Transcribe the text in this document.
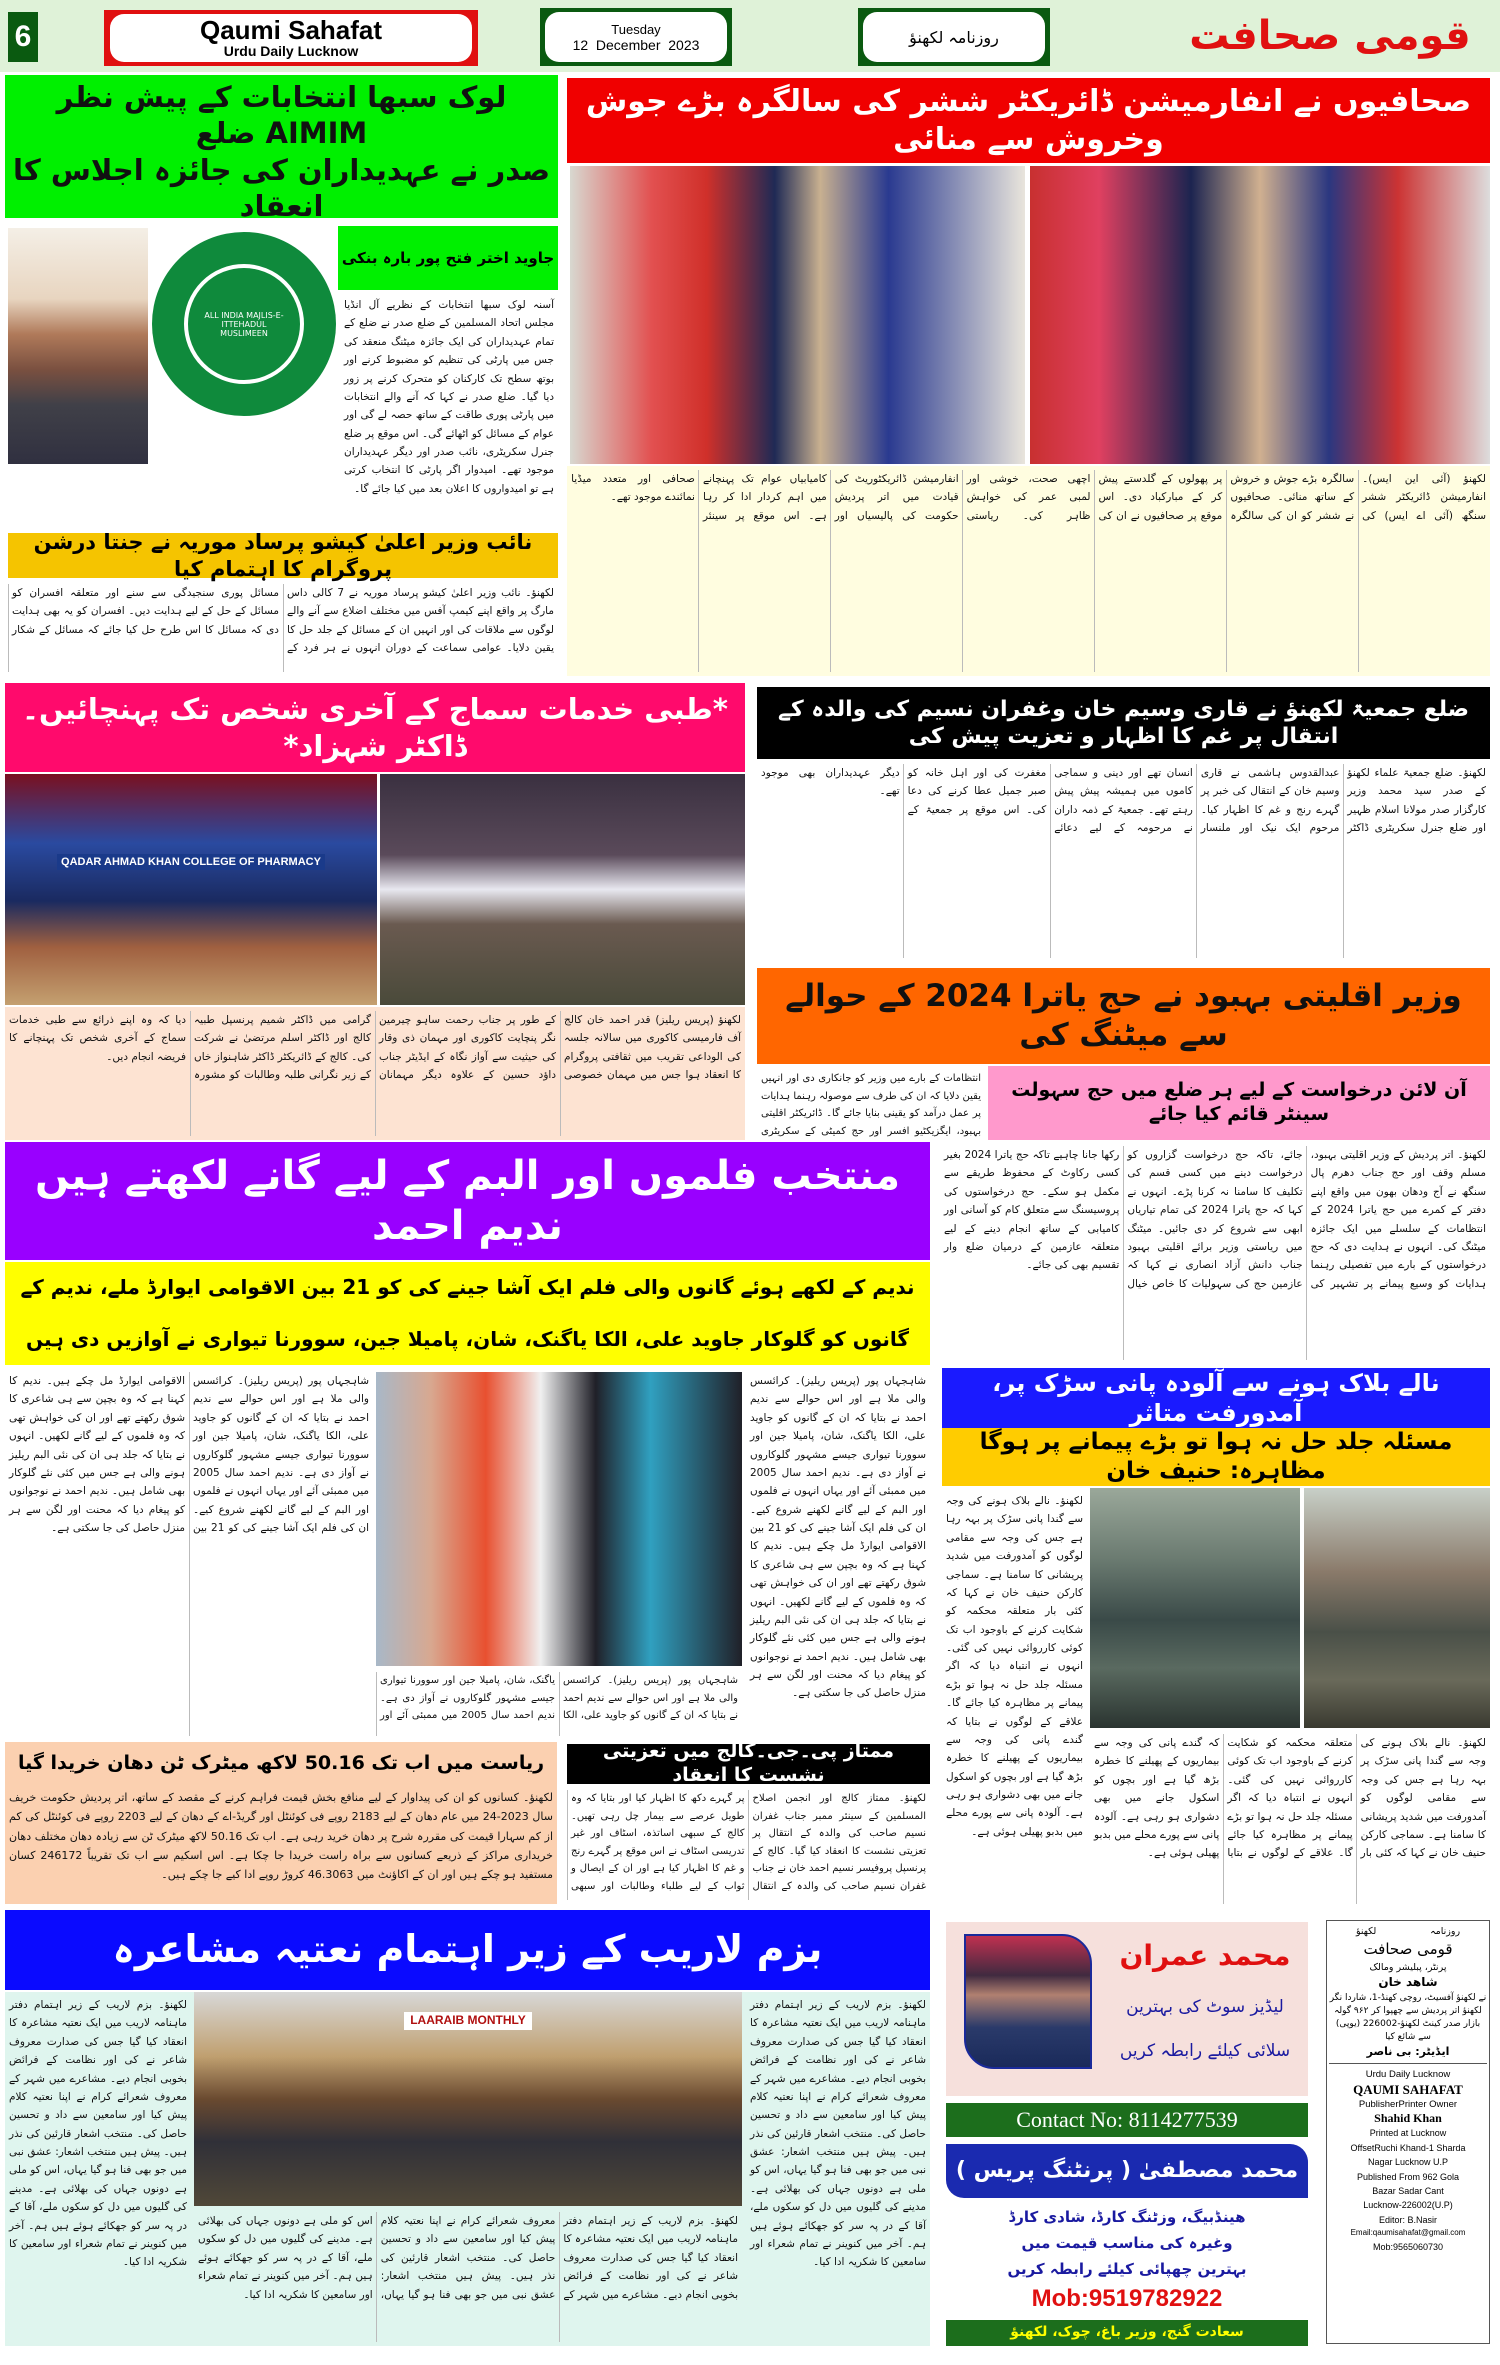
6	Qaumi Sahafat
Urdu Daily Lucknow
Tuesday
12  December  2023	روزنامہ لکھنؤ	قومی صحافت
لوک سبھا انتخابات کے پیش نظر AIMIM ضلع
صدر نے عہدیداران کی جائزہ اجلاس کا انعقاد
ALL INDIA MAJLIS-E-ITTEHADUL MUSLIMEEN
جاوید اختر فتح پور بارہ بنکی
آسنہ لوک سبھا انتخابات کے نظریے آل انڈیا مجلس اتحاد المسلمین کے ضلع صدر نے ضلع کے تمام عہدیداران کی ایک جائزہ میٹنگ منعقد کی جس میں پارٹی کی تنظیم کو مضبوط کرنے اور بوتھ سطح تک کارکنان کو متحرک کرنے پر زور دیا گیا۔ ضلع صدر نے کہا کہ آنے والے انتخابات میں پارٹی پوری طاقت کے ساتھ حصہ لے گی اور عوام کے مسائل کو اٹھائے گی۔ اس موقع پر ضلع جنرل سکریٹری، نائب صدر اور دیگر عہدیداران موجود تھے۔ امیدوار اگر پارٹی کا انتخاب کرتی ہے تو امیدواروں کا اعلان بعد میں کیا جائے گا۔
نائب وزیر اعلیٰ کیشو پرساد موریہ نے جنتا درشن پروگرام کا اہتمام کیا
لکھنؤ۔ نائب وزیر اعلیٰ کیشو پرساد موریہ نے 7 کالی داس مارگ پر واقع اپنے کیمپ آفس میں مختلف اضلاع سے آنے والے لوگوں سے ملاقات کی اور انہیں ان کے مسائل کے جلد حل کا یقین دلایا۔ عوامی سماعت کے دوران انہوں نے ہر فرد کے مسائل پوری سنجیدگی سے سنے اور متعلقہ افسران کو مسائل کے حل کے لیے ہدایت دیں۔ افسران کو یہ بھی ہدایت دی کہ مسائل کا اس طرح حل کیا جائے کہ مسائل کے شکار
صحافیوں نے انفارمیشن ڈائریکٹر ششر کی سالگرہ بڑے جوش وخروش سے منائی
لکھنؤ (آئی این ایس)۔ انفارمیشن ڈائریکٹر ششر سنگھ (آئی اے ایس) کی سالگرہ بڑے جوش و خروش کے ساتھ منائی۔ صحافیوں نے ششر کو ان کی سالگرہ پر پھولوں کے گلدستے پیش کر کے مبارکباد دی۔ اس موقع پر صحافیوں نے ان کی اچھی صحت، خوشی اور لمبی عمر کی خواہش ظاہر کی۔ ریاستی انفارمیشن ڈائریکٹوریٹ کی قیادت میں اتر پردیش حکومت کی پالیسیاں اور کامیابیاں عوام تک پہنچانے میں اہم کردار ادا کر رہا ہے۔ اس موقع پر سینئر صحافی اور متعدد میڈیا نمائندے موجود تھے۔
*طبی خدمات سماج کے آخری شخص تک پہنچائیں۔ڈاکٹر شہزاد*
QADAR AHMAD KHAN COLLEGE OF PHARMACY
لکھنؤ (پریس ریلیز) قدر احمد خان کالج آف فارمیسی کاکوری میں سالانہ جلسہ کی الوداعی تقریب میں ثقافتی پروگرام کا انعقاد ہوا جس میں مہمان خصوصی کے طور پر جناب رحمت ساہو چیرمین نگر پنچایت کاکوری اور مہمان ذی وقار کی حیثیت سے آواز نگاہ کے ایڈیٹر جناب داؤد حسین کے علاوہ دیگر مہمانان گرامی میں ڈاکٹر شمیم پرنسپل طبیہ کالج اور ڈاکٹر اسلم مرتضیٰ نے شرکت کی۔ کالج کے ڈائریکٹر ڈاکٹر شاہنواز خاں کے زیر نگرانی طلبہ وطالبات کو مشورہ دیا کہ وہ اپنے ذرائع سے طبی خدمات سماج کے آخری شخص تک پہنچانے کا فریضہ انجام دیں۔
ضلع جمعیۃ لکھنؤ نے قاری وسیم خان وغفران نسیم کی والدہ کے انتقال پر غم کا اظہار و تعزیت پیش کی
لکھنؤ۔ ضلع جمعیۃ علماء لکھنؤ کے صدر سید محمد وزیر کارگزار صدر مولانا اسلام ظہیر اور ضلع جنرل سکریٹری ڈاکٹر عبدالقدوس ہاشمی نے قاری وسیم خان کے انتقال کی خبر پر گہرے رنج و غم کا اظہار کیا۔ مرحوم ایک نیک اور ملنسار انسان تھے اور دینی و سماجی کاموں میں ہمیشہ پیش پیش رہتے تھے۔ جمعیۃ کے ذمہ داران نے مرحومہ کے لیے دعائے مغفرت کی اور اہل خانہ کو صبر جمیل عطا کرنے کی دعا کی۔ اس موقع پر جمعیۃ کے دیگر عہدیداران بھی موجود تھے۔
وزیر اقلیتی بہبود نے حج یاترا 2024 کے حوالے سے میٹنگ کی
انتظامات کے بارے میں وزیر کو جانکاری دی اور انہیں یقین دلایا کہ ان کی طرف سے موصولہ رہنما ہدایات پر عمل درآمد کو یقینی بنایا جائے گا۔ ڈائریکٹر اقلیتی بہبود، ایگزیکٹیو افسر اور حج کمیٹی کے سکریٹری
آن لائن درخواست کے لیے ہر ضلع میں حج سہولت سینٹر قائم کیا جائے
لکھنؤ۔ اتر پردیش کے وزیر اقلیتی بہبود، مسلم وقف اور حج جناب دھرم پال سنگھ نے آج ودھان بھون میں واقع اپنے دفتر کے کمرے میں حج یاترا 2024 کے انتظامات کے سلسلے میں ایک جائزہ میٹنگ کی۔ انہوں نے ہدایت دی کہ حج درخواستوں کے بارے میں تفصیلی رہنما ہدایات کو وسیع پیمانے پر تشہیر کی جائے، تاکہ حج درخواست گزاروں کو درخواست دینے میں کسی قسم کی تکلیف کا سامنا نہ کرنا پڑے۔ انہوں نے کہا کہ حج یاترا 2024 کی تمام تیاریاں ابھی سے شروع کر دی جائیں۔ میٹنگ میں ریاستی وزیر برائے اقلیتی بہبود جناب دانش آزاد انصاری نے کہا کہ عازمین حج کی سہولیات کا خاص خیال رکھا جانا چاہیے تاکہ حج یاترا 2024 بغیر کسی رکاوٹ کے محفوظ طریقے سے مکمل ہو سکے۔ حج درخواستوں کی پروسیسنگ سے متعلق کام کو آسانی اور کامیابی کے ساتھ انجام دینے کے لیے متعلقہ عازمین کے درمیان ضلع وار تقسیم بھی کی جائے۔
منتخب فلموں اور البم کے لیے گانے لکھتے ہیں ندیم احمد
ندیم کے لکھے ہوئے گانوں والی فلم ایک آشا جینے کی کو 21 بین الاقوامی ایوارڈ ملے، ندیم کے
گانوں کو گلوکار جاوید علی، الکا یاگنک، شان، پامیلا جین، سوورنا تیواری نے آوازیں دی ہیں
شاہجہاں پور (پریس ریلیز)۔ کرائسس والی ملا ہے اور اس حوالے سے ندیم احمد نے بتایا کہ ان کے گانوں کو جاوید علی، الکا یاگنک، شان، پامیلا جین اور سوورنا تیواری جیسے مشہور گلوکاروں نے آواز دی ہے۔ ندیم احمد سال 2005 میں ممبئی آئے اور یہاں انہوں نے فلموں اور البم کے لیے گانے لکھنے شروع کیے۔ ان کی فلم ایک آشا جینے کی کو 21 بین الاقوامی ایوارڈ مل چکے ہیں۔ ندیم کا کہنا ہے کہ وہ بچپن سے ہی شاعری کا شوق رکھتے تھے اور ان کی خواہش تھی کہ وہ فلموں کے لیے گانے لکھیں۔ انہوں نے بتایا کہ جلد ہی ان کی نئی البم ریلیز ہونے والی ہے جس میں کئی نئے گلوکار بھی شامل ہیں۔ ندیم احمد نے نوجوانوں کو پیغام دیا کہ محنت اور لگن سے ہر منزل حاصل کی جا سکتی ہے۔
شاہجہاں پور (پریس ریلیز)۔ کرائسس والی ملا ہے اور اس حوالے سے ندیم احمد نے بتایا کہ ان کے گانوں کو جاوید علی، الکا یاگنک، شان، پامیلا جین اور سوورنا تیواری جیسے مشہور گلوکاروں نے آواز دی ہے۔ ندیم احمد سال 2005 میں ممبئی آئے اور
شاہجہاں پور (پریس ریلیز)۔ کرائسس والی ملا ہے اور اس حوالے سے ندیم احمد نے بتایا کہ ان کے گانوں کو جاوید علی، الکا یاگنک، شان، پامیلا جین اور سوورنا تیواری جیسے مشہور گلوکاروں نے آواز دی ہے۔ ندیم احمد سال 2005 میں ممبئی آئے اور یہاں انہوں نے فلموں اور البم کے لیے گانے لکھنے شروع کیے۔ ان کی فلم ایک آشا جینے کی کو 21 بین الاقوامی ایوارڈ مل چکے ہیں۔ ندیم کا کہنا ہے کہ وہ بچپن سے ہی شاعری کا شوق رکھتے تھے اور ان کی خواہش تھی کہ وہ فلموں کے لیے گانے لکھیں۔ انہوں نے بتایا کہ جلد ہی ان کی نئی البم ریلیز ہونے والی ہے جس میں کئی نئے گلوکار بھی شامل ہیں۔ ندیم احمد نے نوجوانوں کو پیغام دیا کہ محنت اور لگن سے ہر منزل حاصل کی جا سکتی ہے۔
نالے بلاک ہونے سے آلودہ پانی سڑک پر، آمدورفت متاثر
مسئلہ جلد حل نہ ہوا تو بڑے پیمانے پر ہوگا مظاہرہ: حنیف خان
لکھنؤ۔ نالے بلاک ہونے کی وجہ سے گندا پانی سڑک پر بہہ رہا ہے جس کی وجہ سے مقامی لوگوں کو آمدورفت میں شدید پریشانی کا سامنا ہے۔ سماجی کارکن حنیف خان نے کہا کہ کئی بار متعلقہ محکمہ کو شکایت کرنے کے باوجود اب تک کوئی کارروائی نہیں کی گئی۔ انہوں نے انتباہ دیا کہ اگر مسئلہ جلد حل نہ ہوا تو بڑے پیمانے پر مظاہرہ کیا جائے گا۔ علاقے کے لوگوں نے بتایا کہ گندے پانی کی وجہ سے بیماریوں کے پھیلنے کا خطرہ بڑھ گیا ہے اور بچوں کو اسکول جانے میں بھی دشواری ہو رہی ہے۔ آلودہ پانی سے پورے محلے میں بدبو پھیلی ہوئی ہے۔
لکھنؤ۔ نالے بلاک ہونے کی وجہ سے گندا پانی سڑک پر بہہ رہا ہے جس کی وجہ سے مقامی لوگوں کو آمدورفت میں شدید پریشانی کا سامنا ہے۔ سماجی کارکن حنیف خان نے کہا کہ کئی بار متعلقہ محکمہ کو شکایت کرنے کے باوجود اب تک کوئی کارروائی نہیں کی گئی۔ انہوں نے انتباہ دیا کہ اگر مسئلہ جلد حل نہ ہوا تو بڑے پیمانے پر مظاہرہ کیا جائے گا۔ علاقے کے لوگوں نے بتایا کہ گندے پانی کی وجہ سے بیماریوں کے پھیلنے کا خطرہ بڑھ گیا ہے اور بچوں کو اسکول جانے میں بھی دشواری ہو رہی ہے۔ آلودہ پانی سے پورے محلے میں بدبو پھیلی ہوئی ہے۔
ریاست میں اب تک 50.16 لاکھ میٹرک ٹن دھان خریدا گیا
لکھنؤ۔ کسانوں کو ان کی پیداوار کے لیے منافع بخش قیمت فراہم کرنے کے مقصد کے ساتھ، اتر پردیش حکومت خریف سال 2023-24 میں عام دھان کے لیے 2183 روپے فی کوئنٹل اور گریڈ-اے کے دھان کے لیے 2203 روپے فی کوئنٹل کی کم از کم سہارا قیمت کی مقررہ شرح پر دھان خرید رہی ہے۔ اب تک 50.16 لاکھ میٹرک ٹن سے زیادہ دھان مختلف دھان خریداری مراکز کے ذریعے کسانوں سے براہ راست خریدا جا چکا ہے۔ اس اسکیم سے اب تک تقریباً 246172 کسان مستفید ہو چکے ہیں اور ان کے اکاؤنٹ میں 46.3063 کروڑ روپے ادا کیے جا چکے ہیں۔
ممتاز پی۔جی۔کالج میں تعزیتی نشست کا انعقاد
لکھنؤ۔ ممتاز کالج اور انجمن اصلاح المسلمین کے سینئر ممبر جناب غفران نسیم صاحب کی والدہ کے انتقال پر تعزیتی نشست کا انعقاد کیا گیا۔ کالج کے پرنسپل پروفیسر نسیم احمد خان نے جناب غفران نسیم صاحب کی والدہ کے انتقال پر گہرے دکھ کا اظہار کیا اور بتایا کہ وہ طویل عرصے سے بیمار چل رہی تھیں۔ کالج کے سبھی اساتذہ، اسٹاف اور غیر تدریسی اسٹاف نے اس موقع پر گہرے رنج و غم کا اظہار کیا ہے اور ان کے ایصال و ثواب کے لیے طلباء وطالبات اور سبھی
بزم لاریب کے زیر اہتمام نعتیہ مشاعرہ
LAARAIB MONTHLY
لکھنؤ۔ بزم لاریب کے زیر اہتمام دفتر ماہنامہ لاریب میں ایک نعتیہ مشاعرہ کا انعقاد کیا گیا جس کی صدارت معروف شاعر نے کی اور نظامت کے فرائض بخوبی انجام دیے۔ مشاعرے میں شہر کے معروف شعرائے کرام نے اپنا نعتیہ کلام پیش کیا اور سامعین سے داد و تحسین حاصل کی۔ منتخب اشعار قارئین کی نذر ہیں۔ پیش ہیں منتخب اشعار: عشق نبی میں جو بھی فنا ہو گیا یہاں، اس کو ملی ہے دونوں جہاں کی بھلائی ہے۔ مدینے کی گلیوں میں دل کو سکوں ملے، آقا کے در پہ سر کو جھکائے ہوئے ہیں ہم۔ آخر میں کنوینر نے تمام شعراء اور سامعین کا شکریہ ادا کیا۔
لکھنؤ۔ بزم لاریب کے زیر اہتمام دفتر ماہنامہ لاریب میں ایک نعتیہ مشاعرہ کا انعقاد کیا گیا جس کی صدارت معروف شاعر نے کی اور نظامت کے فرائض بخوبی انجام دیے۔ مشاعرے میں شہر کے معروف شعرائے کرام نے اپنا نعتیہ کلام پیش کیا اور سامعین سے داد و تحسین حاصل کی۔ منتخب اشعار قارئین کی نذر ہیں۔ پیش ہیں منتخب اشعار: عشق نبی میں جو بھی فنا ہو گیا یہاں، اس کو ملی ہے دونوں جہاں کی بھلائی ہے۔ مدینے کی گلیوں میں دل کو سکوں ملے، آقا کے در پہ سر کو جھکائے ہوئے ہیں ہم۔ آخر میں کنوینر نے تمام شعراء اور سامعین کا شکریہ ادا کیا۔
لکھنؤ۔ بزم لاریب کے زیر اہتمام دفتر ماہنامہ لاریب میں ایک نعتیہ مشاعرہ کا انعقاد کیا گیا جس کی صدارت معروف شاعر نے کی اور نظامت کے فرائض بخوبی انجام دیے۔ مشاعرے میں شہر کے معروف شعرائے کرام نے اپنا نعتیہ کلام پیش کیا اور سامعین سے داد و تحسین حاصل کی۔ منتخب اشعار قارئین کی نذر ہیں۔ پیش ہیں منتخب اشعار: عشق نبی میں جو بھی فنا ہو گیا یہاں، اس کو ملی ہے دونوں جہاں کی بھلائی ہے۔ مدینے کی گلیوں میں دل کو سکوں ملے، آقا کے در پہ سر کو جھکائے ہوئے ہیں ہم۔ آخر میں کنوینر نے تمام شعراء اور سامعین کا شکریہ ادا کیا۔
محمد عمران
لیڈیز سوٹ کی بہترین
سلائی کیلئے رابطہ کریں
Contact No: 8114277539
محمد مصطفیٰ ( پرنٹنگ پریس )
هینڈبیگ، وزٹنگ کارڈ، شادی کارڈ
وغیرہ کی مناسب قیمت میں
بہترین چھپائی کیلئے رابطہ کریں
Mob:9519782922
سعادت گنج، وزیر باغ، چوک، لکھنؤ
روزنامہ
لکھنؤ
قومی صحافت
پرنٹر، پبلیشر ومالک
شاهد خان
نے لکھنؤ آفسیٹ، روچی کھنڈ-1، شاردا نگر لکھنؤ اتر پردیش سے چھپوا کر ۹۶۲ گولہ بازار صدر کینٹ لکھنؤ-226002 (یوپی) سے شائع کیا
ایڈیٹر: بی ناصر
Urdu Daily Lucknow
QAUMI SAHAFAT
PublisherPrinter Owner
Shahid Khan
Printed at Lucknow
OffsetRuchi Khand-1 Sharda
Nagar Lucknow U.P
Published From 962 Gola
Bazar Sadar Cant
Lucknow-226002(U.P)
Editor: B.Nasir
Email:qaumisahafat@gmail.com
Mob:9565060730
